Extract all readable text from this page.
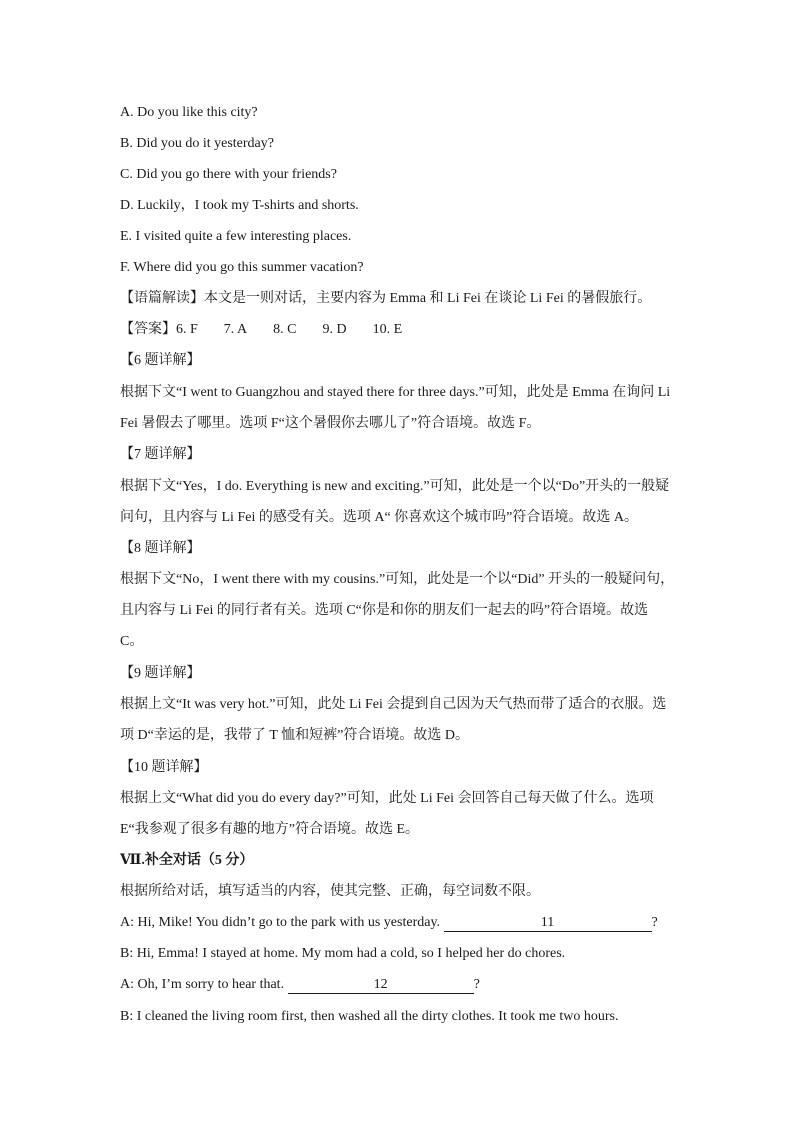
A. Do you like this city?
B. Did you do it yesterday?
C. Did you go there with your friends?
D. Luckily，I took my T-shirts and shorts.
E. I visited quite a few interesting places.
F. Where did you go this summer vacation?
【语篇解读】本文是一则对话，主要内容为 Emma 和 Li Fei 在谈论 Li Fei 的暑假旅行。
【答案】6. F 7. A 8. C 9. D 10. E
【6 题详解】
根据下文“I went to Guangzhou and stayed there for three days.”可知，此处是 Emma 在询问 Li
Fei 暑假去了哪里。选项 F“这个暑假你去哪儿了”符合语境。故选 F。
【7 题详解】
根据下文“Yes，I do. Everything is new and exciting.”可知，此处是一个以“Do”开头的一般疑
问句，且内容与 Li Fei 的感受有关。选项 A“ 你喜欢这个城市吗”符合语境。故选 A。
【8 题详解】
根据下文“No，I went there with my cousins.”可知，此处是一个以“Did” 开头的一般疑问句，
且内容与 Li Fei 的同行者有关。选项 C“你是和你的朋友们一起去的吗”符合语境。故选
C。
【9 题详解】
根据上文“It was very hot.”可知，此处 Li Fei 会提到自己因为天气热而带了适合的衣服。选
项 D“幸运的是，我带了 T 恤和短裤”符合语境。故选 D。
【10 题详解】
根据上文“What did you do every day?”可知，此处 Li Fei 会回答自己每天做了什么。选项
E“我参观了很多有趣的地方”符合语境。故选 E。
Ⅶ.补全对话（5 分）
根据所给对话，填写适当的内容，使其完整、正确，每空词数不限。
A: Hi, Mike! You didn’t go to the park with us yesterday.	11	?
B: Hi, Emma! I stayed at home. My mom had a cold, so I helped her do chores.
A: Oh, I’m sorry to hear that.	12	?
B: I cleaned the living room first, then washed all the dirty clothes. It took me two hours.
